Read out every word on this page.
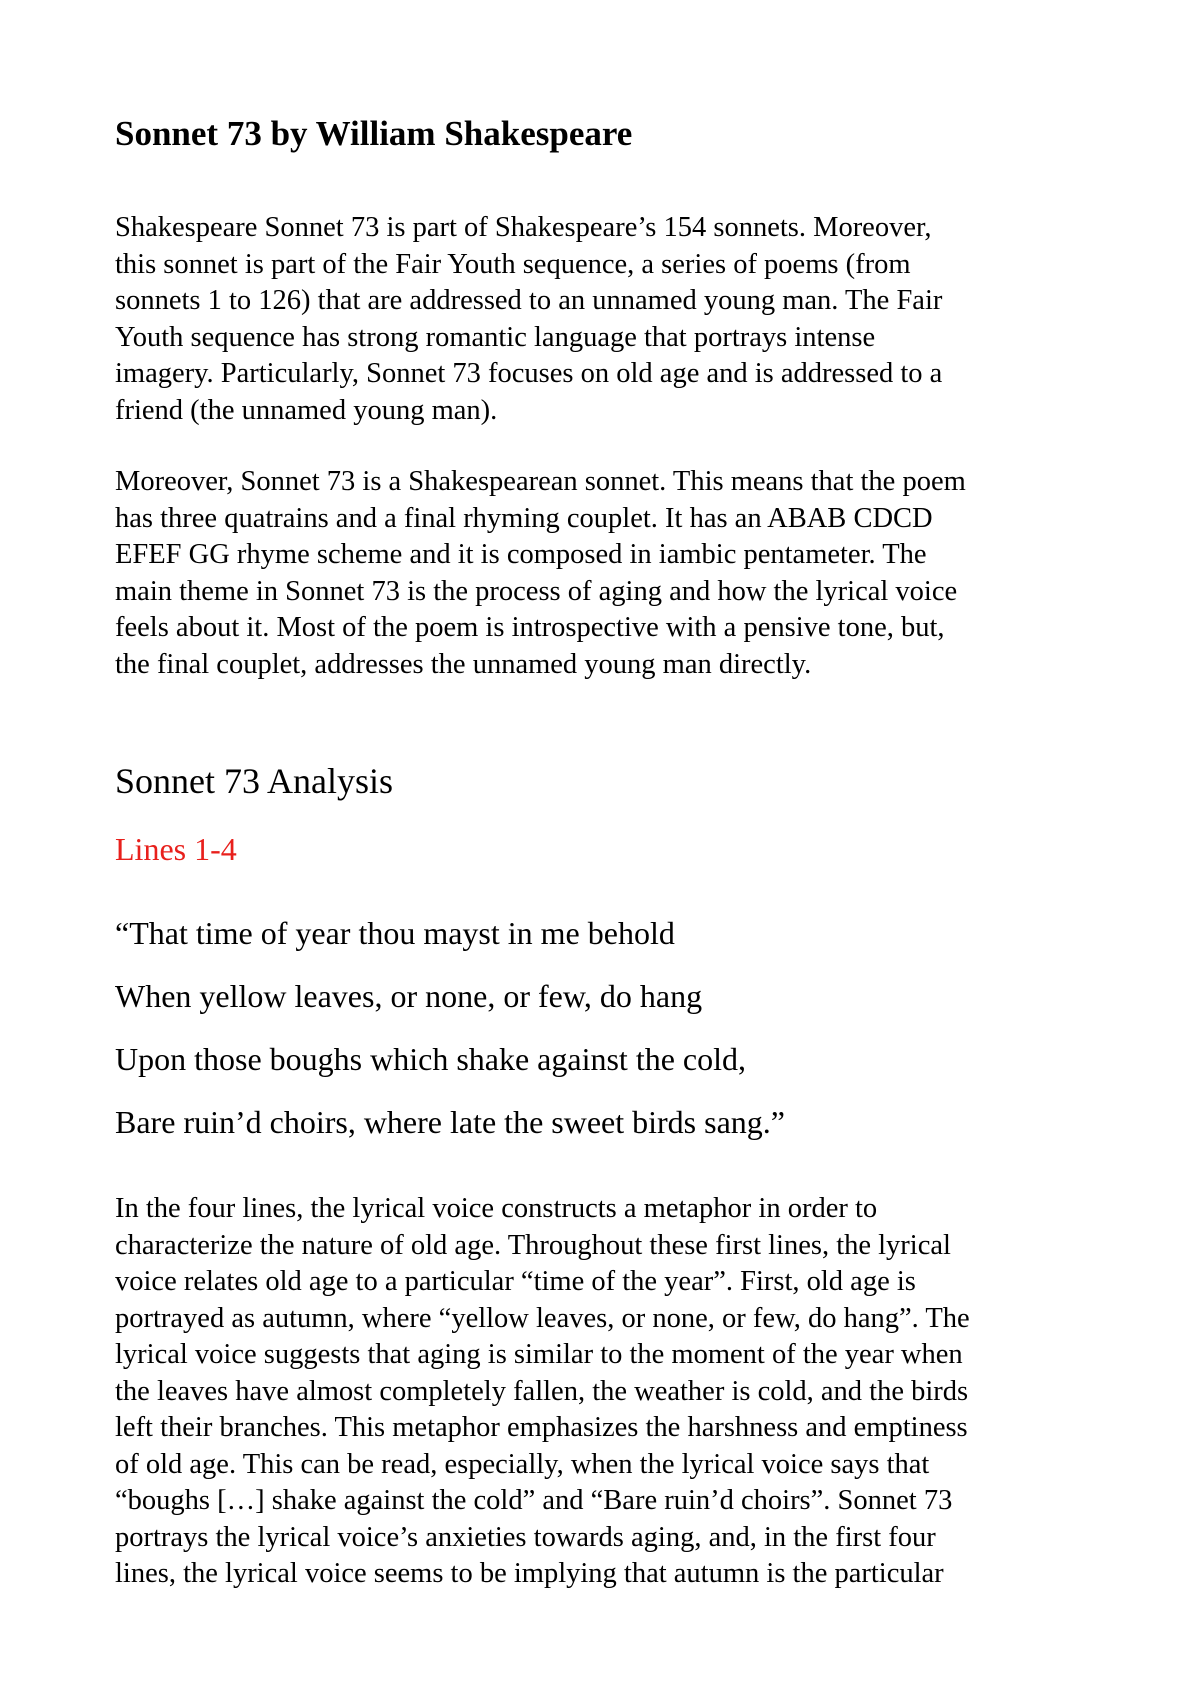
Sonnet 73 by William Shakespeare

Shakespeare Sonnet 73 is part of Shakespeare’s 154 sonnets. Moreover,
this sonnet is part of the Fair Youth sequence, a series of poems (from
sonnets 1 to 126) that are addressed to an unnamed young man. The Fair
Youth sequence has strong romantic language that portrays intense
imagery. Particularly, Sonnet 73 focuses on old age and is addressed to a
friend (the unnamed young man).

Moreover, Sonnet 73 is a Shakespearean sonnet. This means that the poem
has three quatrains and a final rhyming couplet. It has an ABAB CDCD
EFEF GG rhyme scheme and it is composed in iambic pentameter. The
main theme in Sonnet 73 is the process of aging and how the lyrical voice
feels about it. Most of the poem is introspective with a pensive tone, but,
the final couplet, addresses the unnamed young man directly.

Sonnet 73 Analysis
Lines 1-4

“That time of year thou mayst in me behold

When yellow leaves, or none, or few, do hang

Upon those boughs which shake against the cold,

Bare ruin’d choirs, where late the sweet birds sang.”

In the four lines, the lyrical voice constructs a metaphor in order to
characterize the nature of old age. Throughout these first lines, the lyrical
voice relates old age to a particular “time of the year”. First, old age is
portrayed as autumn, where “yellow leaves, or none, or few, do hang”. The
lyrical voice suggests that aging is similar to the moment of the year when
the leaves have almost completely fallen, the weather is cold, and the birds
left their branches. This metaphor emphasizes the harshness and emptiness
of old age. This can be read, especially, when the lyrical voice says that
“boughs […] shake against the cold” and “Bare ruin’d choirs”. Sonnet 73
portrays the lyrical voice’s anxieties towards aging, and, in the first four
lines, the lyrical voice seems to be implying that autumn is the particular
